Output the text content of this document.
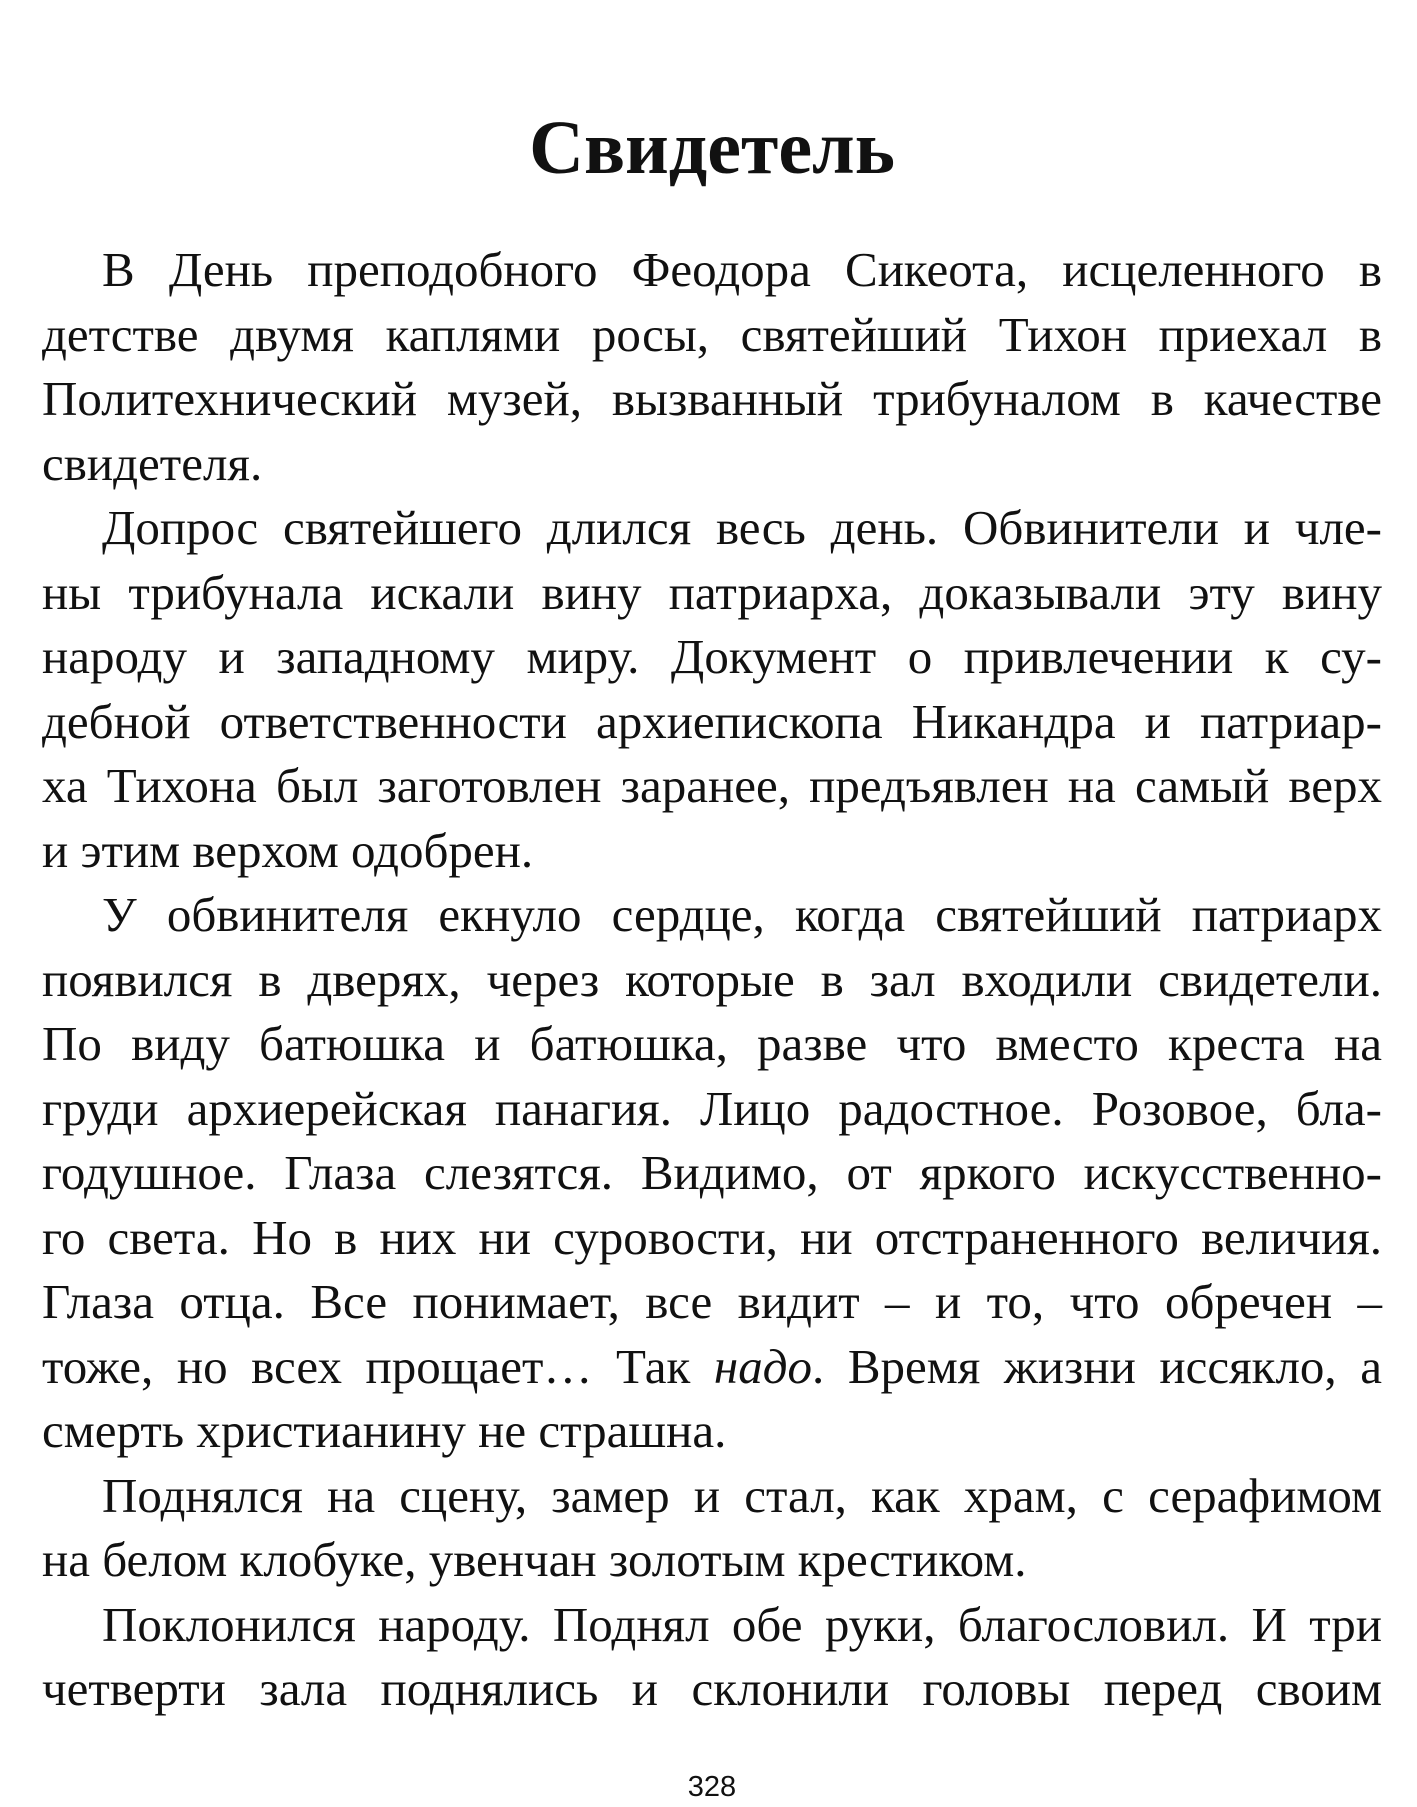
Свидетель

В День преподобного Феодора Сикеота, исцеленного в
детстве двумя каплями росы, святейший Тихон приехал в
Политехнический музей, вызванный трибуналом в качестве
свидетеля.

Допрос святейшего длился весь день. Обвинители и чле-
ны трибунала искали вину патриарха, доказывали эту вину
народу и западному миру. Документ о привлечении к су-
дебной ответственности архиепископа Никандра и патриар-
ха Тихона был заготовлен заранее, предъявлен на самый верх
и этим верхом одобрен.

У обвинителя екнуло сердце, когда святейший патриарх
появился в дверях, через которые в зал входили свидетели.
По виду батюшка и батюшка, разве что вместо креста на
груди архиерейская панагия. Лицо радостное. Розовое, бла-
годушное. Глаза слезятся. Видимо, от яркого искусственно-
го света. Но в них ни суровости, ни отстраненного величия.
Глаза отца. Все понимает, все видит – и то, что обречен –
тоже, но всех прощает… Так надо. Время жизни иссякло, а
смерть христианину не страшна.

Поднялся на сцену, замер и стал, как храм, с серафимом
на белом клобуке, увенчан золотым крестиком.

Поклонился народу. Поднял обе руки, благословил. И три
четверти зала поднялись и склонили головы перед своим

328
